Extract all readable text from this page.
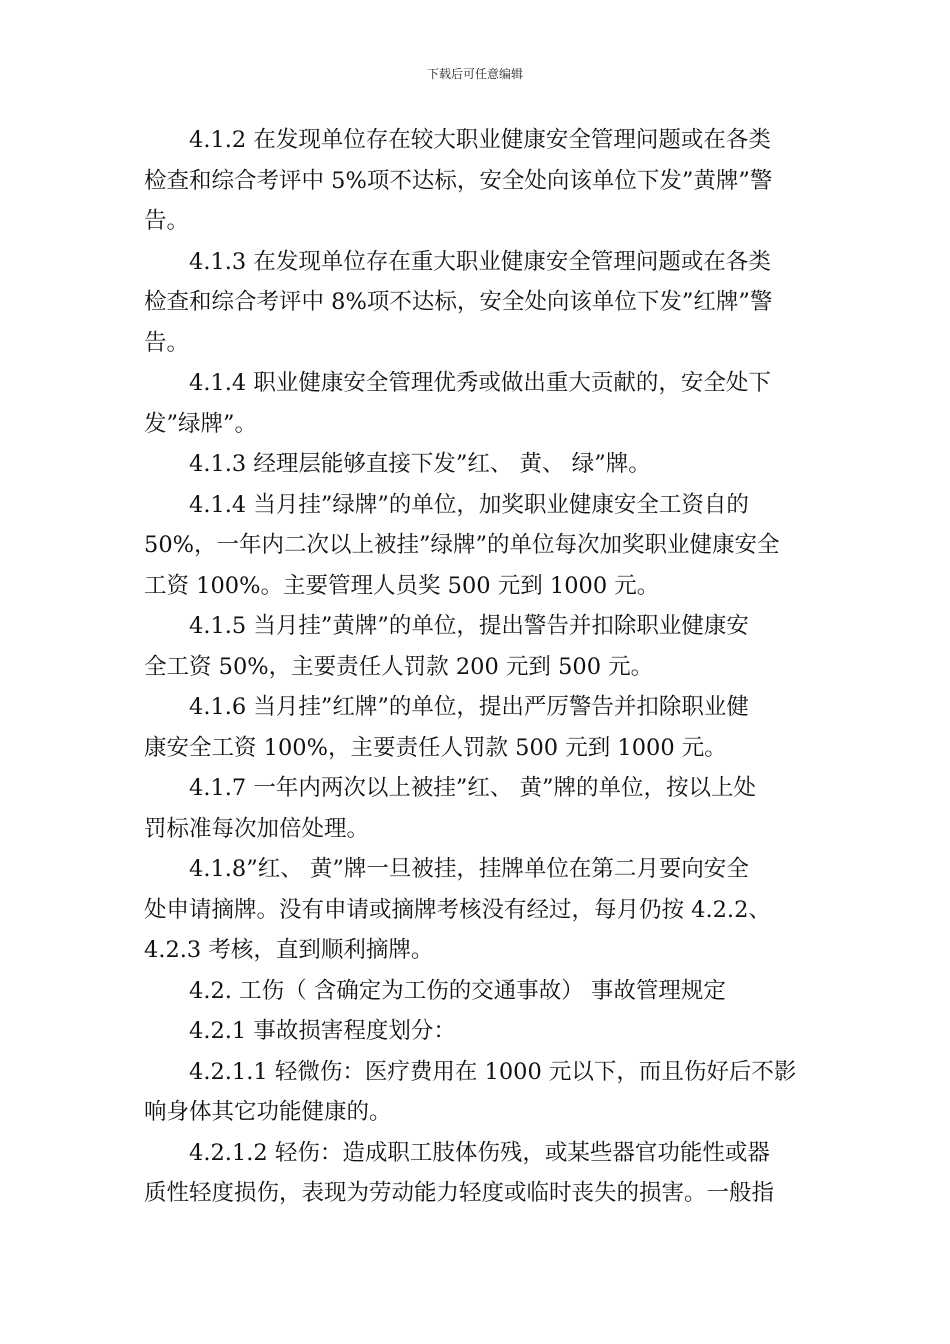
下载后可任意编辑
4.1.2 在发现单位存在较大职业健康安全管理问题或在各类
检查和综合考评中 5%项不达标，安全处向该单位下发”黄牌”警
告。
4.1.3 在发现单位存在重大职业健康安全管理问题或在各类
检查和综合考评中 8%项不达标，安全处向该单位下发”红牌”警
告。
4.1.4 职业健康安全管理优秀或做出重大贡献的，安全处下
发”绿牌”。
4.1.3 经理层能够直接下发”红、 黄、 绿”牌。
4.1.4 当月挂”绿牌”的单位，加奖职业健康安全工资自的
50%，一年内二次以上被挂”绿牌”的单位每次加奖职业健康安全
工资 100%。主要管理人员奖 500 元到 1000 元。
4.1.5 当月挂”黄牌”的单位，提出警告并扣除职业健康安
全工资 50%，主要责任人罚款 200 元到 500 元。
4.1.6 当月挂”红牌”的单位，提出严厉警告并扣除职业健
康安全工资 100%，主要责任人罚款 500 元到 1000 元。
4.1.7 一年内两次以上被挂”红、 黄”牌的单位，按以上处
罚标准每次加倍处理。
4.1.8”红、 黄”牌一旦被挂，挂牌单位在第二月要向安全
处申请摘牌。没有申请或摘牌考核没有经过，每月仍按 4.2.2、
4.2.3 考核，直到顺利摘牌。
4.2. 工伤（ 含确定为工伤的交通事故） 事故管理规定
4.2.1 事故损害程度划分：
4.2.1.1 轻微伤：医疗费用在 1000 元以下，而且伤好后不影
响身体其它功能健康的。
4.2.1.2 轻伤：造成职工肢体伤残，或某些器官功能性或器
质性轻度损伤，表现为劳动能力轻度或临时丧失的损害。一般指
